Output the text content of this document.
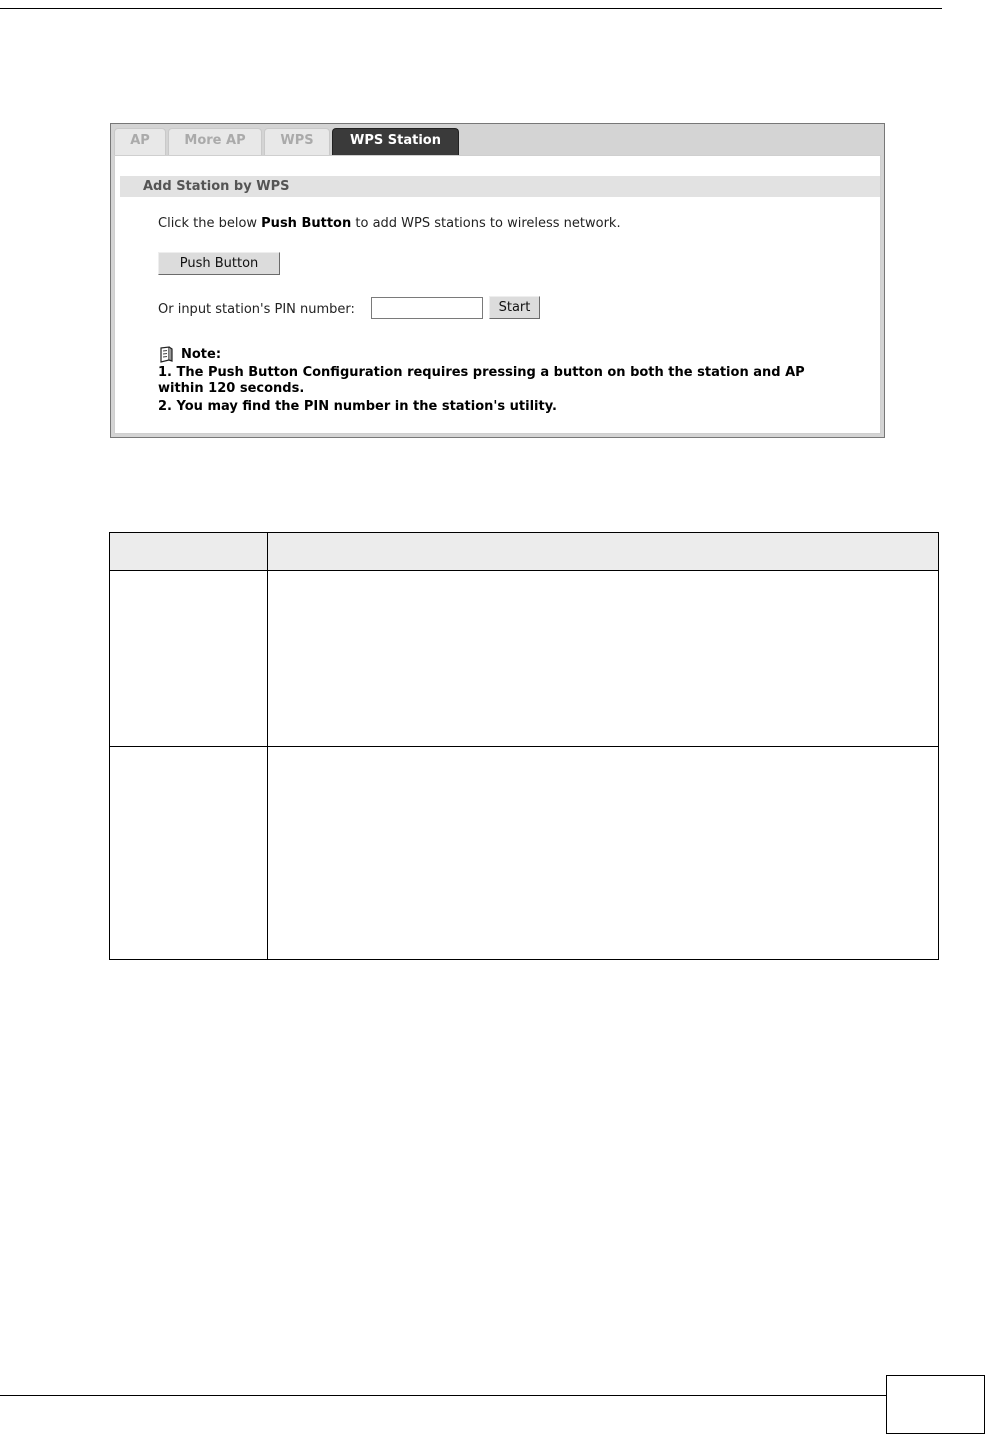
AP	More AP	WPS	WPS Station
Add Station by WPS
Click the below Push Button to add WPS stations to wireless network.
Push Button
Or input station's PIN number:	Start
Note:
1. The Push Button Configuration requires pressing a button on both the station and AP
within 120 seconds.
2. You may find the PIN number in the station's utility.
